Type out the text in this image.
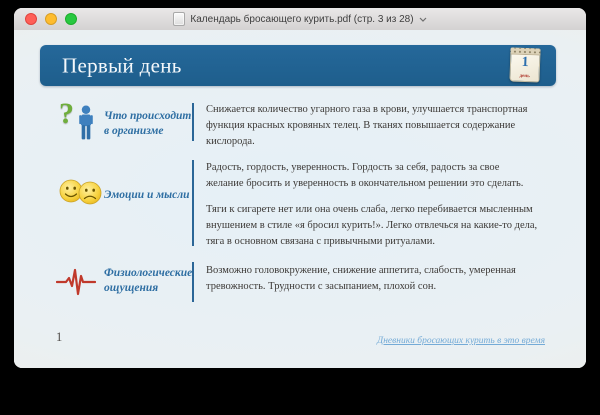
Календарь бросающего курить.pdf (стр. 3 из 28)
Первый день	1
день
?	Что происходит в организме

Снижается количество угарного газа в крови, улучшается транспортная функция красных кровяных телец. В тканях повышается содержание кислорода.

Эмоции и мысли

Радость, гордость, уверенность. Гордость за себя, радость за свое желание бросить и уверенность в окончательном решении это сделать.

Тяги к сигарете нет или она очень слаба, легко перебивается мысленным внушением в стиле «я бросил курить!». Легко отвлечься на какие-то дела, тяга в основном связана с привычными ритуалами.

Физиологические ощущения

Возможно головокружение, снижение аппетита, слабость, умеренная тревожность. Трудности с засыпанием, плохой сон.

1	Дневники бросающих курить в это время
